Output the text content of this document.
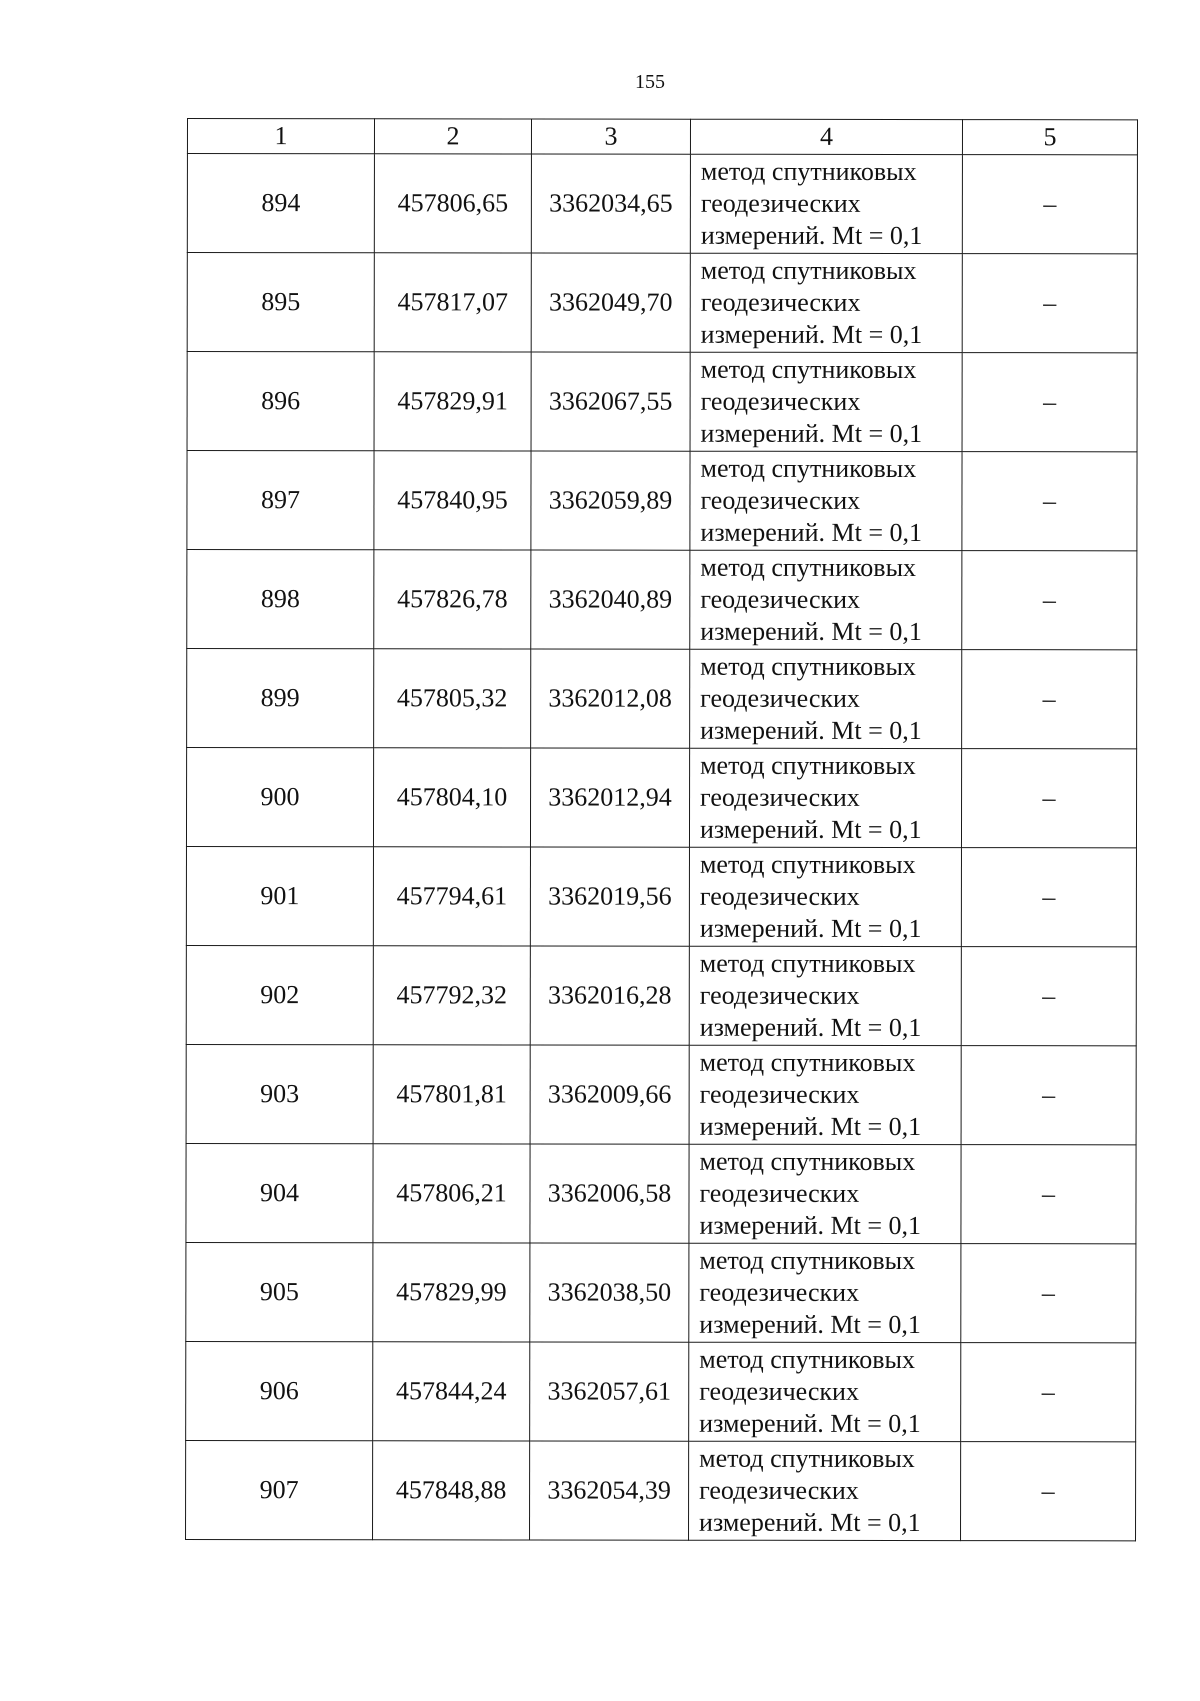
155
1	2	3	4	5
894	457806,65	3362034,65	метод спутниковых
геодезических
измерений. Mt = 0,1	–
895	457817,07	3362049,70	метод спутниковых
геодезических
измерений. Mt = 0,1	–
896	457829,91	3362067,55	метод спутниковых
геодезических
измерений. Mt = 0,1	–
897	457840,95	3362059,89	метод спутниковых
геодезических
измерений. Mt = 0,1	–
898	457826,78	3362040,89	метод спутниковых
геодезических
измерений. Mt = 0,1	–
899	457805,32	3362012,08	метод спутниковых
геодезических
измерений. Mt = 0,1	–
900	457804,10	3362012,94	метод спутниковых
геодезических
измерений. Mt = 0,1	–
901	457794,61	3362019,56	метод спутниковых
геодезических
измерений. Mt = 0,1	–
902	457792,32	3362016,28	метод спутниковых
геодезических
измерений. Mt = 0,1	–
903	457801,81	3362009,66	метод спутниковых
геодезических
измерений. Mt = 0,1	–
904	457806,21	3362006,58	метод спутниковых
геодезических
измерений. Mt = 0,1	–
905	457829,99	3362038,50	метод спутниковых
геодезических
измерений. Mt = 0,1	–
906	457844,24	3362057,61	метод спутниковых
геодезических
измерений. Mt = 0,1	–
907	457848,88	3362054,39	метод спутниковых
геодезических
измерений. Mt = 0,1	–
